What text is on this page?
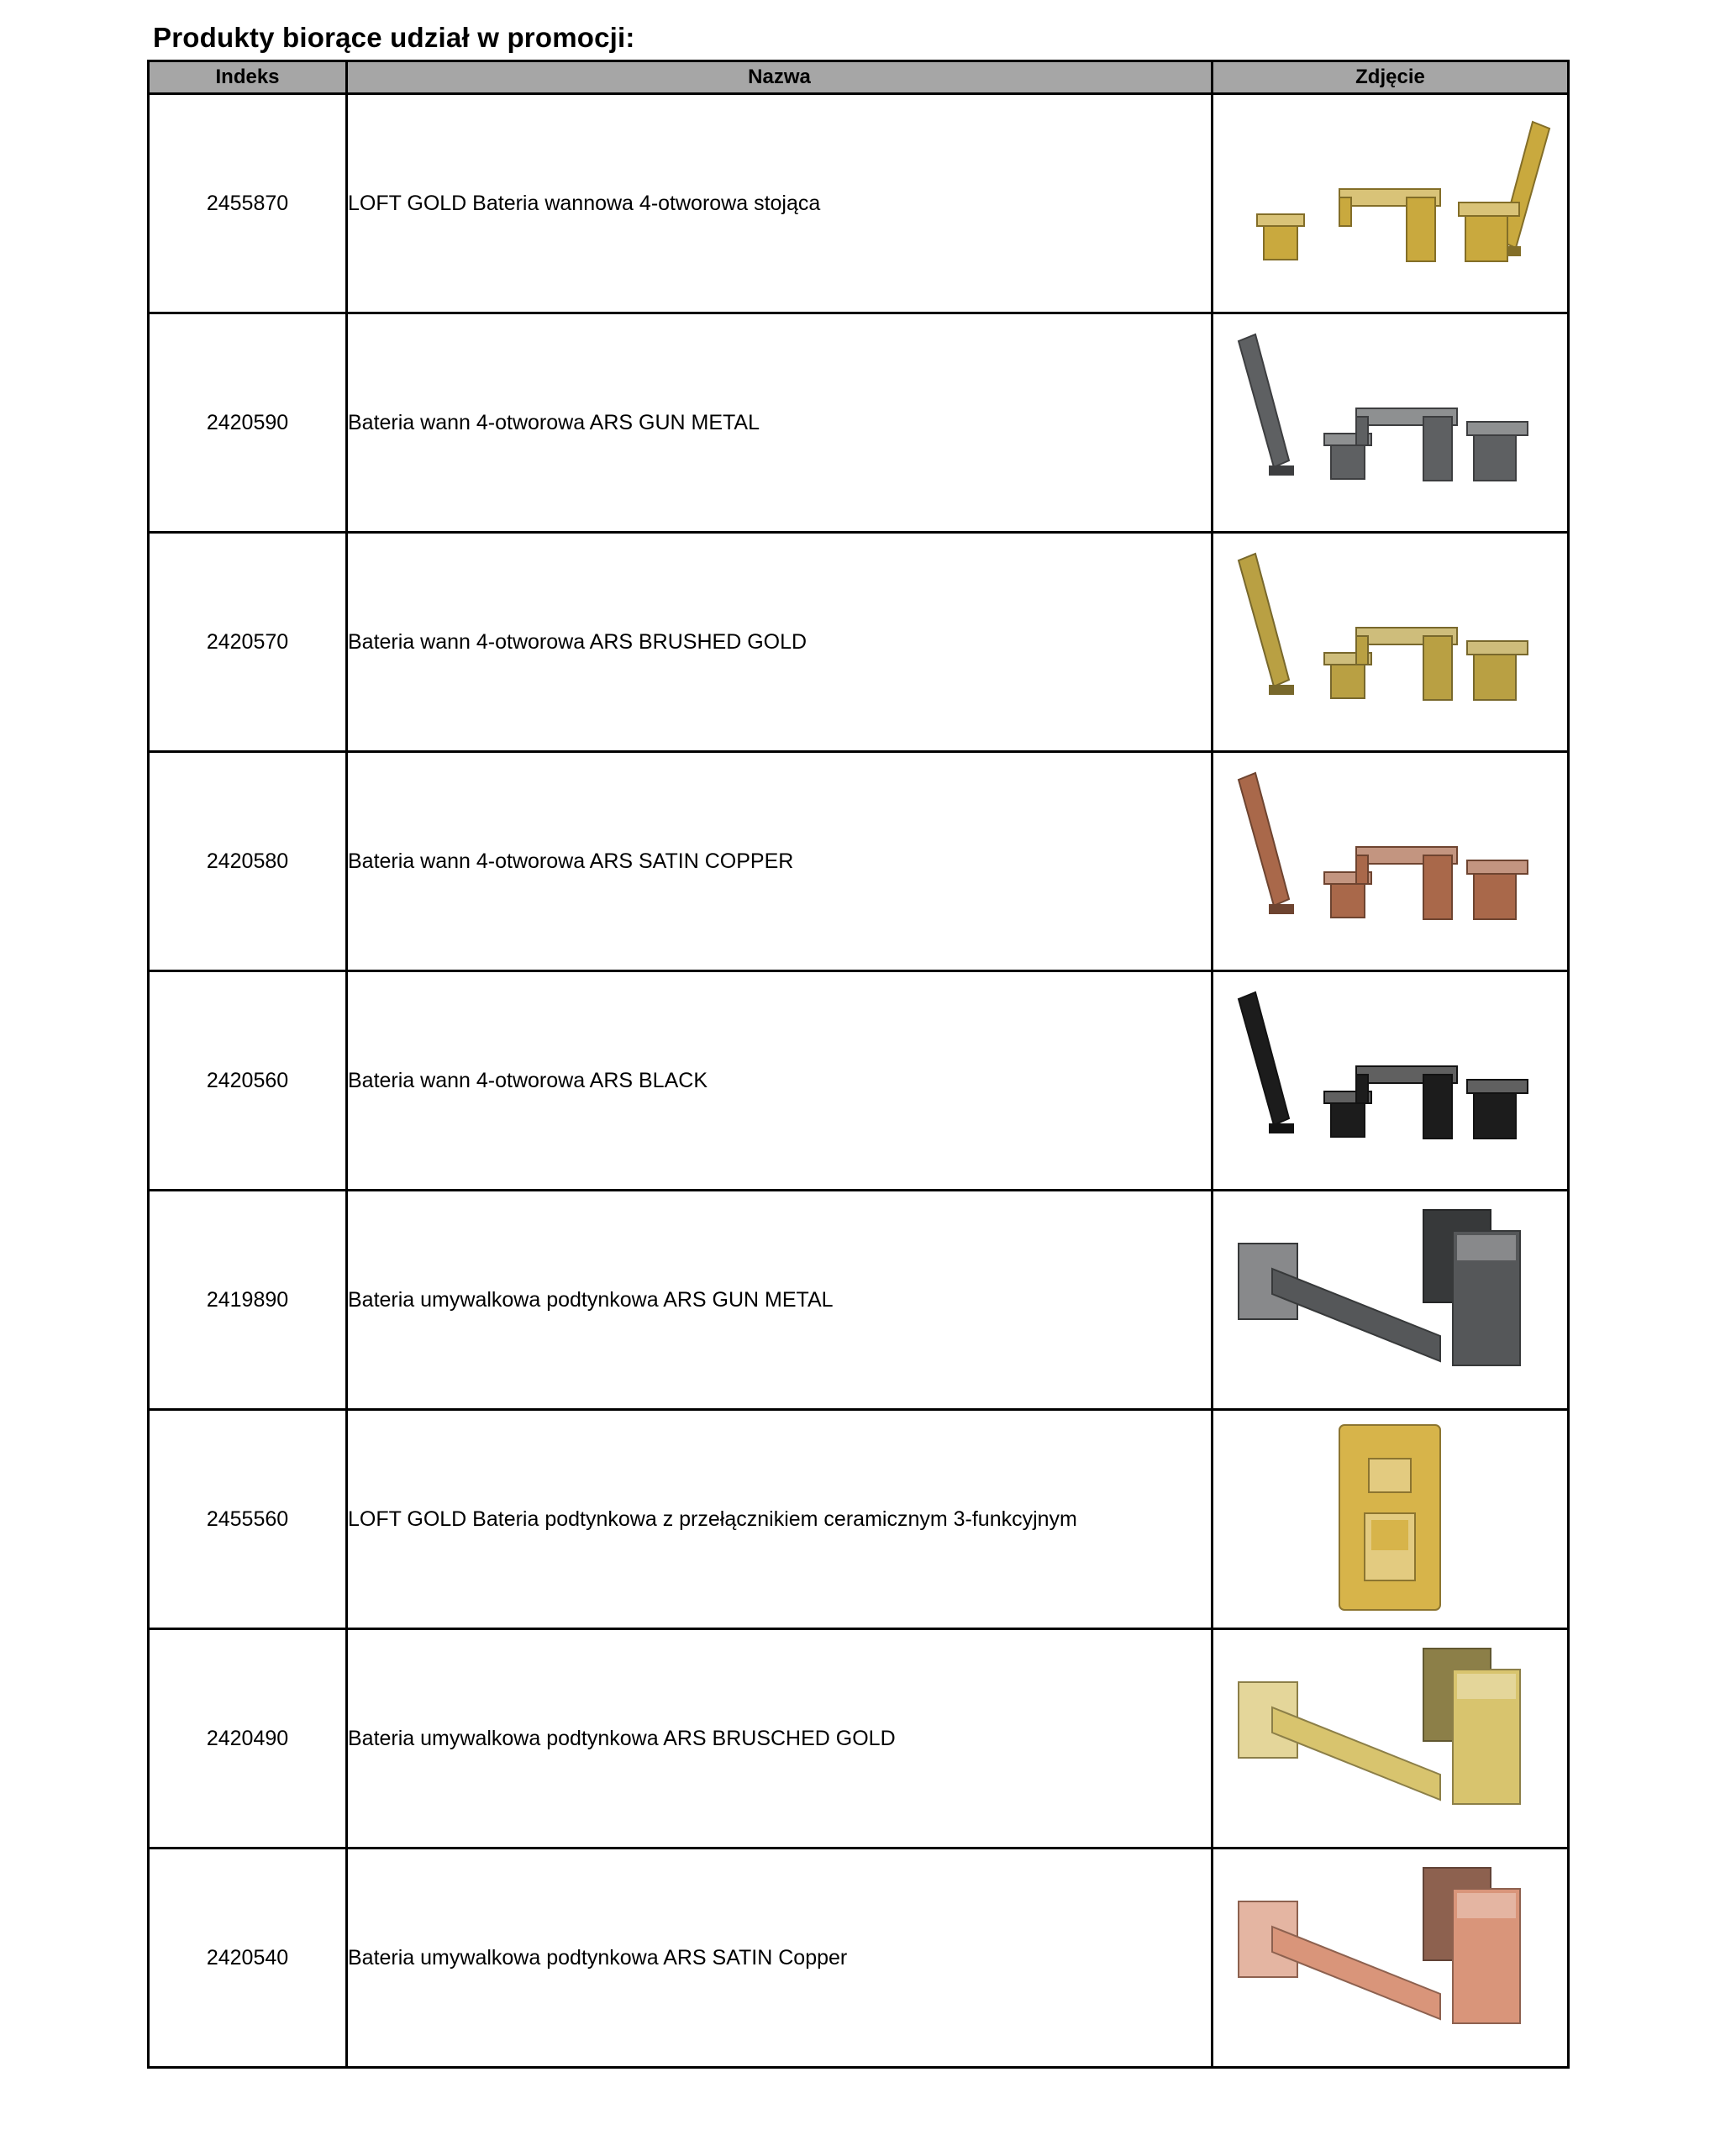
Produkty biorące udział w promocji:
Indeks	Nazwa	Zdjęcie
2455870	LOFT GOLD Bateria wannowa 4-otworowa stojąca	

2420590	Bateria wann 4-otworowa ARS GUN METAL	

2420570	Bateria wann 4-otworowa ARS BRUSHED GOLD	

2420580	Bateria wann 4-otworowa ARS SATIN COPPER	

2420560	Bateria wann 4-otworowa ARS BLACK	

2419890	Bateria umywalkowa podtynkowa ARS GUN METAL	

2455560	LOFT GOLD Bateria podtynkowa z przełącznikiem ceramicznym 3-funkcyjnym	

2420490	Bateria umywalkowa podtynkowa ARS BRUSCHED GOLD	

2420540	Bateria umywalkowa podtynkowa ARS SATIN Copper	
